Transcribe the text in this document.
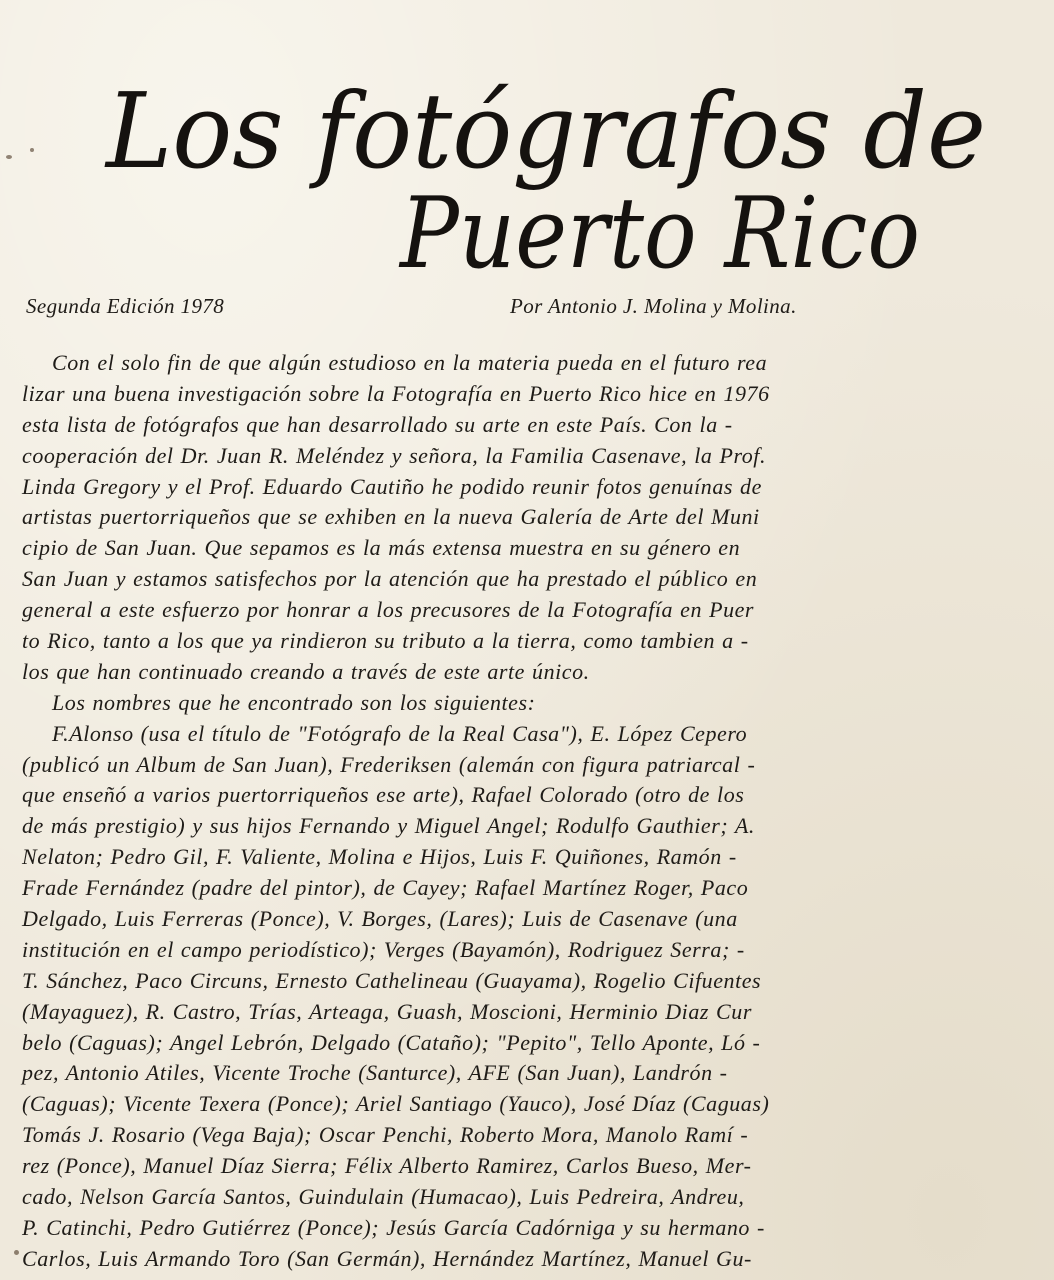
Los fotógrafos de
Puerto Rico
Segunda Edición 1978	Por Antonio J. Molina y Molina.
Con el solo fin de que algún estudioso en la materia pueda en el futuro rea
lizar una buena investigación sobre la Fotografía en Puerto Rico hice en 1976
esta lista de fotógrafos que han desarrollado su arte en este País. Con la -
cooperación del Dr. Juan R. Meléndez y señora, la Familia Casenave, la Prof.
Linda Gregory y el Prof. Eduardo Cautiño he podido reunir fotos genuínas de
artistas puertorriqueños que se exhiben en la nueva Galería de Arte del Muni
cipio de San Juan. Que sepamos es la más extensa muestra en su género en
San Juan y estamos satisfechos por la atención que ha prestado el público en
general a este esfuerzo por honrar a los precusores de la Fotografía en Puer
to Rico, tanto a los que ya rindieron su tributo a la tierra, como tambien a -
los que han continuado creando a través de este arte único.
Los nombres que he encontrado son los siguientes:
F.Alonso (usa el título de "Fotógrafo de la Real Casa"), E. López Cepero
(publicó un Album de San Juan), Frederiksen (alemán con figura patriarcal -
que enseñó a varios puertorriqueños ese arte), Rafael Colorado (otro de los
de más prestigio) y sus hijos Fernando y Miguel Angel; Rodulfo Gauthier; A.
Nelaton; Pedro Gil, F. Valiente, Molina e Hijos, Luis F. Quiñones, Ramón -
Frade Fernández (padre del pintor), de Cayey; Rafael Martínez Roger, Paco
Delgado, Luis Ferreras (Ponce), V. Borges, (Lares); Luis de Casenave (una
institución en el campo periodístico); Verges (Bayamón), Rodriguez Serra; -
T. Sánchez, Paco Circuns, Ernesto Cathelineau (Guayama), Rogelio Cifuentes
(Mayaguez), R. Castro, Trías, Arteaga, Guash, Moscioni, Herminio Diaz Cur
belo (Caguas); Angel Lebrón, Delgado (Cataño); "Pepito", Tello Aponte, Ló -
pez, Antonio Atiles, Vicente Troche (Santurce), AFE (San Juan), Landrón -
(Caguas); Vicente Texera (Ponce); Ariel Santiago (Yauco), José Díaz (Caguas)
Tomás J. Rosario (Vega Baja); Oscar Penchi, Roberto Mora, Manolo Ramí -
rez (Ponce), Manuel Díaz Sierra; Félix Alberto Ramirez, Carlos Bueso, Mer-
cado, Nelson García Santos, Guindulain (Humacao), Luis Pedreira, Andreu,
P. Catinchi, Pedro Gutiérrez (Ponce); Jesús García Cadórniga y su hermano -
Carlos, Luis Armando Toro (San Germán), Hernández Martínez, Manuel Gu-
